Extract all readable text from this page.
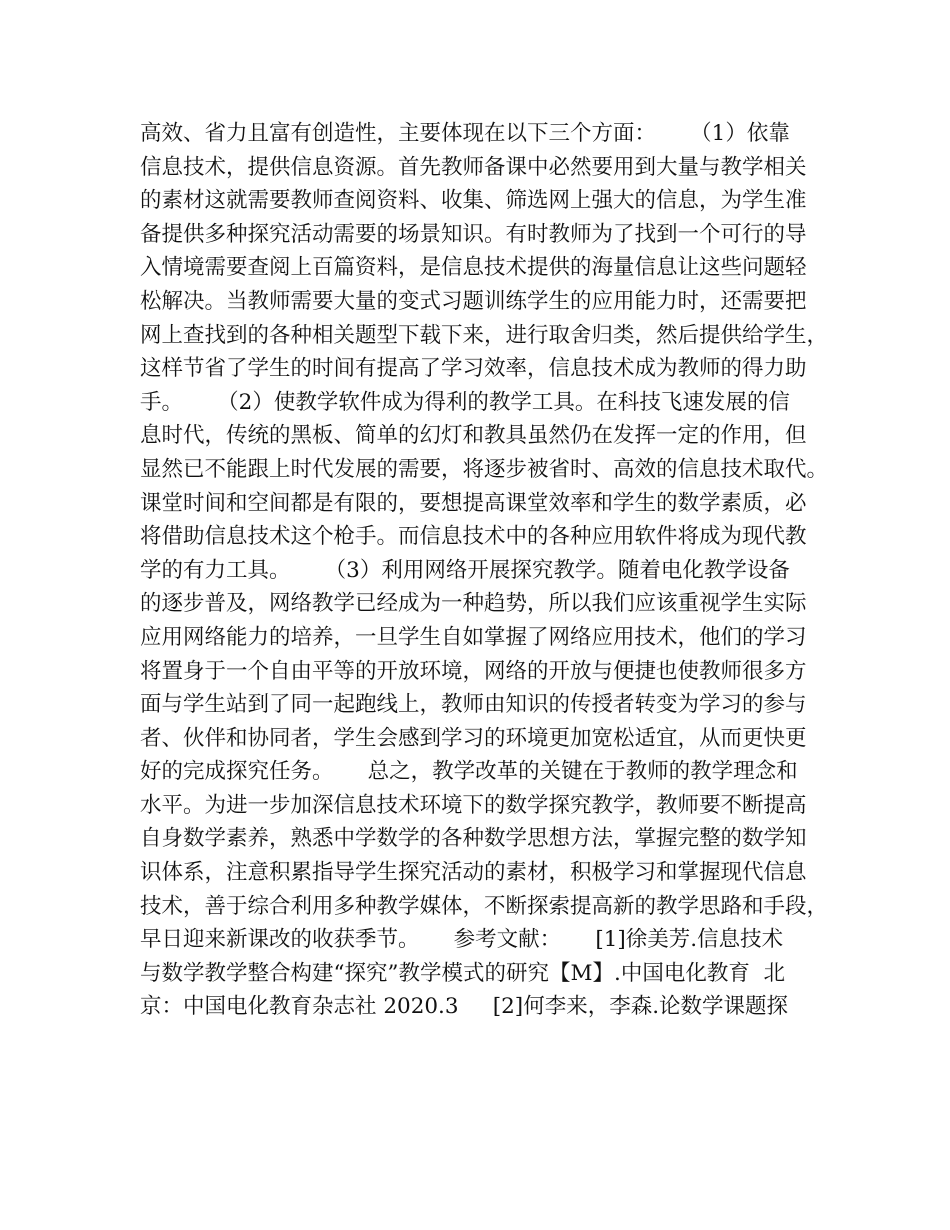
高效、省力且富有创造性，主要体现在以下三个方面：     （1）依靠
信息技术，提供信息资源。首先教师备课中必然要用到大量与教学相关
的素材这就需要教师查阅资料、收集、筛选网上强大的信息，为学生准
备提供多种探究活动需要的场景知识。有时教师为了找到一个可行的导
入情境需要查阅上百篇资料，是信息技术提供的海量信息让这些问题轻
松解决。当教师需要大量的变式习题训练学生的应用能力时，还需要把
网上查找到的各种相关题型下载下来，进行取舍归类，然后提供给学生，
这样节省了学生的时间有提高了学习效率，信息技术成为教师的得力助
手。     （2）使教学软件成为得利的教学工具。在科技飞速发展的信
息时代，传统的黑板、简单的幻灯和教具虽然仍在发挥一定的作用，但
显然已不能跟上时代发展的需要，将逐步被省时、高效的信息技术取代。
课堂时间和空间都是有限的，要想提高课堂效率和学生的数学素质，必
将借助信息技术这个枪手。而信息技术中的各种应用软件将成为现代教
学的有力工具。     （3）利用网络开展探究教学。随着电化教学设备
的逐步普及，网络教学已经成为一种趋势，所以我们应该重视学生实际
应用网络能力的培养，一旦学生自如掌握了网络应用技术，他们的学习
将置身于一个自由平等的开放环境，网络的开放与便捷也使教师很多方
面与学生站到了同一起跑线上，教师由知识的传授者转变为学习的参与
者、伙伴和协同者，学生会感到学习的环境更加宽松适宜，从而更快更
好的完成探究任务。     总之，教学改革的关键在于教师的教学理念和
水平。为进一步加深信息技术环境下的数学探究教学，教师要不断提高
自身数学素养，熟悉中学数学的各种数学思想方法，掌握完整的数学知
识体系，注意积累指导学生探究活动的素材，积极学习和掌握现代信息
技术，善于综合利用多种教学媒体，不断探索提高新的教学思路和手段，
早日迎来新课改的收获季节。     参考文献：     [1]徐美芳.信息技术
与数学教学整合构建“探究”教学模式的研究【M】.中国电化教育  北
京：中国电化教育杂志社 2020.3     [2]何李来，李森.论数学课题探
